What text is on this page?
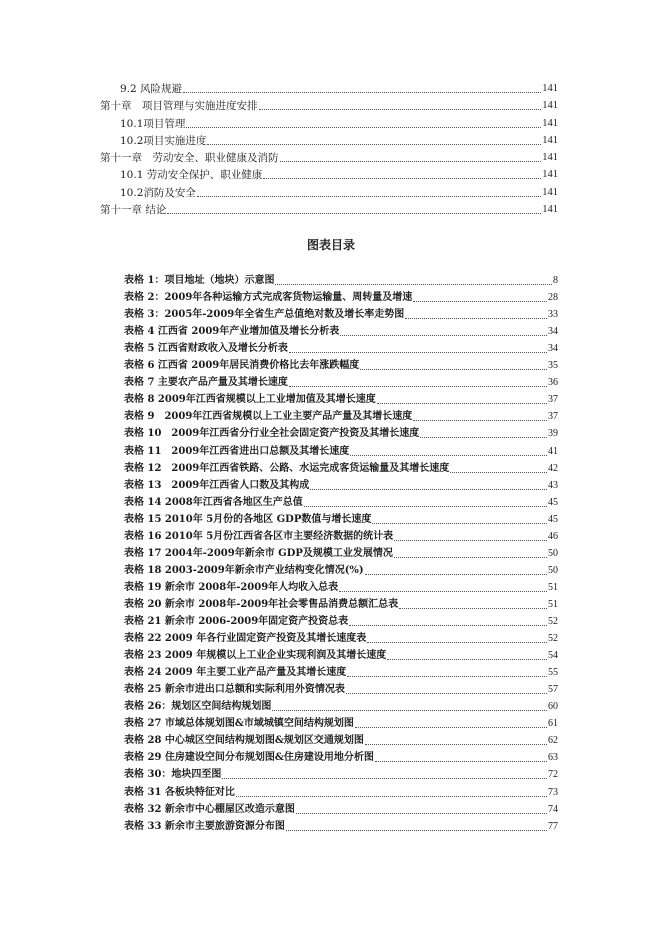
9.2 风险规避	141
第十章　项目管理与实施进度安排	141
10.1项目管理	141
10.2项目实施进度	141
第十一章　劳动安全、职业健康及消防	141
10.1 劳动安全保护、职业健康	141
10.2消防及安全	141
第十一章 结论	141
图表目录
表格 1：项目地址（地块）示意图	8
表格 2：2009年各种运输方式完成客货物运输量、周转量及增速	28
表格 3：2005年-2009年全省生产总值绝对数及增长率走势图	33
表格 4 江西省 2009年产业增加值及增长分析表	34
表格 5 江西省财政收入及增长分析表	34
表格 6 江西省 2009年居民消费价格比去年涨跌幅度	35
表格 7 主要农产品产量及其增长速度	36
表格 8 2009年江西省规模以上工业增加值及其增长速度	37
表格 9　2009年江西省规模以上工业主要产品产量及其增长速度	37
表格 10　2009年江西省分行业全社会固定资产投资及其增长速度	39
表格 11　2009年江西省进出口总额及其增长速度	41
表格 12　2009年江西省铁路、公路、水运完成客货运输量及其增长速度	42
表格 13　2009年江西省人口数及其构成	43
表格 14 2008年江西省各地区生产总值	45
表格 15 2010年 5月份的各地区 GDP数值与增长速度	45
表格 16 2010年 5月份江西省各区市主要经济数据的统计表	46
表格 17 2004年-2009年新余市 GDP及规模工业发展情况	50
表格 18 2003-2009年新余市产业结构变化情况(%)	50
表格 19 新余市 2008年-2009年人均收入总表	51
表格 20 新余市 2008年-2009年社会零售品消费总额汇总表	51
表格 21 新余市 2006-2009年固定资产投资总表	52
表格 22 2009 年各行业固定资产投资及其增长速度表	52
表格 23 2009 年规模以上工业企业实现利润及其增长速度	54
表格 24 2009 年主要工业产品产量及其增长速度	55
表格 25 新余市进出口总额和实际利用外资情况表	57
表格 26：规划区空间结构规划图	60
表格 27 市域总体规划图&市域城镇空间结构规划图	61
表格 28 中心城区空间结构规划图&规划区交通规划图	62
表格 29 住房建设空间分布规划图&住房建设用地分析图	63
表格 30：地块四至图	72
表格 31 各板块特征对比	73
表格 32 新余市中心棚屋区改造示意图	74
表格 33 新余市主要旅游资源分布图	77
